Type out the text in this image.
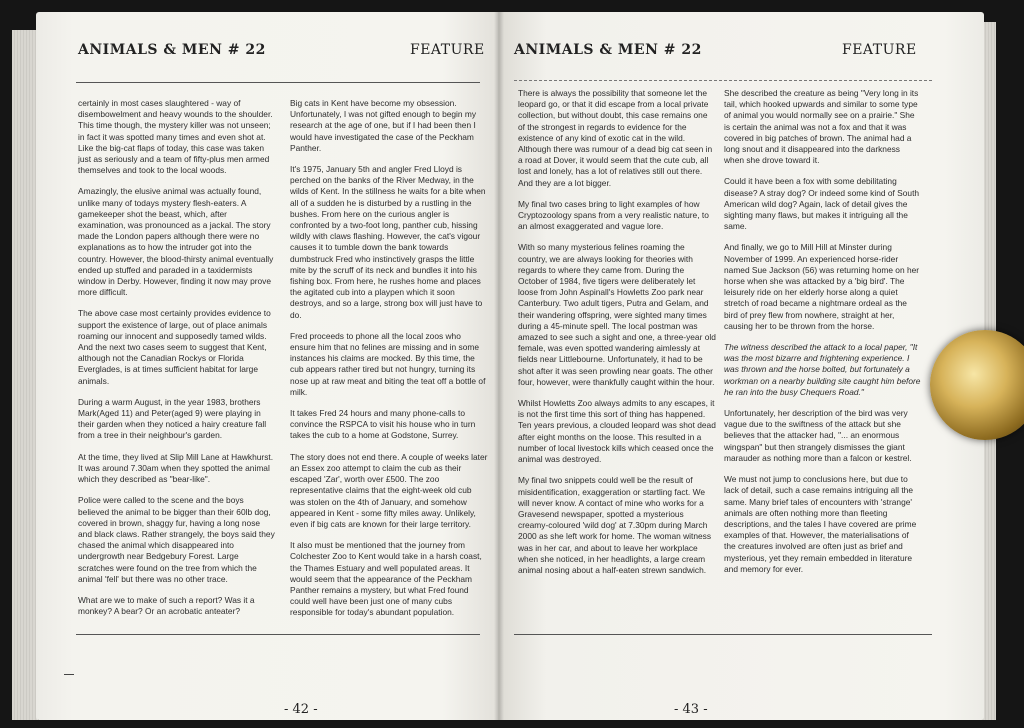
ANIMALS & MEN # 22	FEATURE

certainly in most cases slaughtered - way of disembowelment and heavy wounds to the shoulder. This time though, the mystery killer was not unseen; in fact it was spotted many times and even shot at. Like the big-cat flaps of today, this case was taken just as seriously and a team of fifty-plus men armed themselves and took to the local woods.

Amazingly, the elusive animal was actually found, unlike many of todays mystery flesh-eaters. A gamekeeper shot the beast, which, after examination, was pronounced as a jackal. The story made the London papers although there were no explanations as to how the intruder got into the country. However, the blood-thirsty animal eventually ended up stuffed and paraded in a taxidermists window in Derby. However, finding it now may prove more difficult.

The above case most certainly provides evidence to support the existence of large, out of place animals roaming our innocent and supposedly tamed wilds. And the next two cases seem to suggest that Kent, although not the Canadian Rockys or Florida Everglades, is at times sufficient habitat for large animals.

During a warm August, in the year 1983, brothers Mark(Aged 11) and Peter(aged 9) were playing in their garden when they noticed a hairy creature fall from a tree in their neighbour's garden.

At the time, they lived at Slip Mill Lane at Hawkhurst. It was around 7.30am when they spotted the animal which they described as "bear-like".

Police were called to the scene and the boys believed the animal to be bigger than their 60lb dog, covered in brown, shaggy fur, having a long nose and black claws. Rather strangely, the boys said they chased the animal which disappeared into undergrowth near Bedgebury Forest. Large scratches were found on the tree from which the animal 'fell' but there was no other trace.

What are we to make of such a report? Was it a monkey? A bear? Or an acrobatic anteater?

Big cats in Kent have become my obsession. Unfortunately, I was not gifted enough to begin my research at the age of one, but if I had been then I would have investigated the case of the Peckham Panther.

It's 1975, January 5th and angler Fred Lloyd is perched on the banks of the River Medway, in the wilds of Kent. In the stillness he waits for a bite when all of a sudden he is disturbed by a rustling in the bushes. From here on the curious angler is confronted by a two-foot long, panther cub, hissing wildly with claws flashing. However, the cat's vigour causes it to tumble down the bank towards dumbstruck Fred who instinctively grasps the little mite by the scruff of its neck and bundles it into his fishing box. From here, he rushes home and places the agitated cub into a playpen which it soon destroys, and so a large, strong box will just have to do.

Fred proceeds to phone all the local zoos who ensure him that no felines are missing and in some instances his claims are mocked. By this time, the cub appears rather tired but not hungry, turning its nose up at raw meat and biting the teat off a bottle of milk.

It takes Fred 24 hours and many phone-calls to convince the RSPCA to visit his house who in turn takes the cub to a home at Godstone, Surrey.

The story does not end there. A couple of weeks later an Essex zoo attempt to claim the cub as their escaped 'Zar', worth over £500. The zoo representative claims that the eight-week old cub was stolen on the 4th of January, and somehow appeared in Kent - some fifty miles away. Unlikely, even if big cats are known for their large territory.

It also must be mentioned that the journey from Colchester Zoo to Kent would take in a harsh coast, the Thames Estuary and well populated areas. It would seem that the appearance of the Peckham Panther remains a mystery, but what Fred found could well have been just one of many cubs responsible for today's abundant population.

- 42 -
ANIMALS & MEN # 22	FEATURE

There is always the possibility that someone let the leopard go, or that it did escape from a local private collection, but without doubt, this case remains one of the strongest in regards to evidence for the existence of any kind of exotic cat in the wild. Although there was rumour of a dead big cat seen in a road at Dover, it would seem that the cute cub, all lost and lonely, has a lot of relatives still out there. And they are a lot bigger.

My final two cases bring to light examples of how Cryptozoology spans from a very realistic nature, to an almost exaggerated and vague lore.

With so many mysterious felines roaming the country, we are always looking for theories with regards to where they came from. During the October of 1984, five tigers were deliberately let loose from John Aspinall's Howletts Zoo park near Canterbury. Two adult tigers, Putra and Gelam, and their wandering offspring, were sighted many times during a 45-minute spell. The local postman was amazed to see such a sight and one, a three-year old female, was even spotted wandering aimlessly at fields near Littlebourne. Unfortunately, it had to be shot after it was seen prowling near goats. The other four, however, were thankfully caught within the hour.

Whilst Howletts Zoo always admits to any escapes, it is not the first time this sort of thing has happened. Ten years previous, a clouded leopard was shot dead after eight months on the loose. This resulted in a number of local livestock kills which ceased once the animal was destroyed.

My final two snippets could well be the result of misidentification, exaggeration or startling fact. We will never know. A contact of mine who works for a Gravesend newspaper, spotted a mysterious creamy-coloured 'wild dog' at 7.30pm during March 2000 as she left work for home. The woman witness was in her car, and about to leave her workplace when she noticed, in her headlights, a large cream animal nosing about a half-eaten strewn sandwich.

She described the creature as being "Very long in its tail, which hooked upwards and similar to some type of animal you would normally see on a prairie." She is certain the animal was not a fox and that it was covered in big patches of brown. The animal had a long snout and it disappeared into the darkness when she drove toward it.

Could it have been a fox with some debilitating disease? A stray dog? Or indeed some kind of South American wild dog? Again, lack of detail gives the sighting many flaws, but makes it intriguing all the same.

And finally, we go to Mill Hill at Minster during November of 1999. An experienced horse-rider named Sue Jackson (56) was returning home on her horse when she was attacked by a 'big bird'. The leisurely ride on her elderly horse along a quiet stretch of road became a nightmare ordeal as the bird of prey flew from nowhere, straight at her, causing her to be thrown from the horse.

The witness described the attack to a local paper, "It was the most bizarre and frightening experience. I was thrown and the horse bolted, but fortunately a workman on a nearby building site caught him before he ran into the busy Chequers Road."

Unfortunately, her description of the bird was very vague due to the swiftness of the attack but she believes that the attacker had, "... an enormous wingspan" but then strangely dismisses the giant marauder as nothing more than a falcon or kestrel.

We must not jump to conclusions here, but due to lack of detail, such a case remains intriguing all the same. Many brief tales of encounters with 'strange' animals are often nothing more than fleeting descriptions, and the tales I have covered are prime examples of that. However, the materialisations of the creatures involved are often just as brief and mysterious, yet they remain embedded in literature and memory for ever.

- 43 -
